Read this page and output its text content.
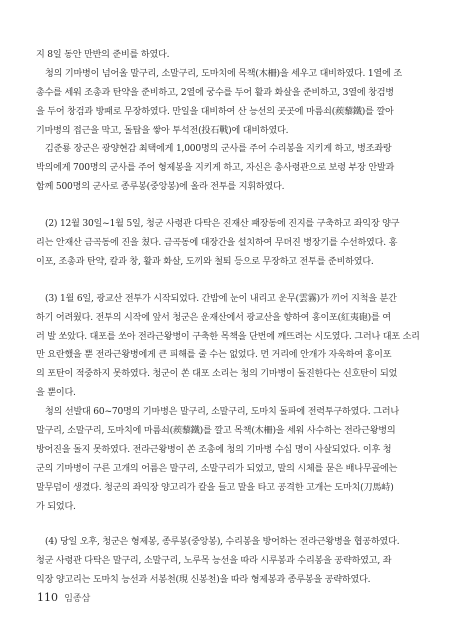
지 8일 동안 만반의 준비를 하였다.
청의 기마병이 넘어올 말구리, 소말구리, 도마치에 목책(木柵)을 세우고 대비하였다. 1열에 조
총수를 세워 조총과 탄약을 준비하고, 2열에 궁수를 두어 활과 화살을 준비하고, 3열에 창검병
을 두어 창검과 방패로 무장하였다. 만일을 대비하여 산 능선의 곳곳에 마름쇠(蒺藜鐵)를 깔아
기마병의 접근을 막고, 돌탑을 쌓아 투석전(投石戰)에 대비하였다.
김준룡 장군은 광양현감 최택에게 1,000명의 군사를 주어 수리봉을 지키게 하고, 병조좌랑
박의에게 700명의 군사를 주어 형제봉을 지키게 하고, 자신은 총사령관으로 보령 부장 안발과
함께 500명의 군사로 종루봉(중앙봉)에 올라 전투를 지휘하였다.
(2) 12월 30일~1월 5일, 청군 사령관 다탁은 진재산 패장동에 진지를 구축하고 좌익장 양구
리는 안재산 금곡동에 진을 쳤다. 금곡동에 대장간을 설치하여 무뎌진 병장기를 수선하였다. 홍
이포, 조총과 탄약, 칼과 창, 활과 화살, 도끼와 철퇴 등으로 무장하고 전투를 준비하였다.
(3) 1월 6일, 광교산 전투가 시작되었다. 간밤에 눈이 내리고 운무(雲霧)가 끼어 지척을 분간
하기 어려웠다. 전투의 시작에 앞서 청군은 운재산에서 광교산을 향하여 홍이포(紅夷砲)를 여
러 발 쏘았다. 대포를 쏘아 전라근왕병이 구축한 목책을 단번에 깨뜨려는 시도였다. 그러나 대포 소리
만 요란했을 뿐 전라근왕병에게 큰 피해를 줄 수는 없었다. 먼 거리에 안개가 자욱하여 홍이포
의 포탄이 적중하지 못하였다. 청군이 쏜 대포 소리는 청의 기마병이 돌진한다는 신호탄이 되었
을 뿐이다.
청의 선발대 60~70명의 기마병은 말구리, 소말구리, 도마치 돌파에 전력투구하였다. 그러나
말구리, 소말구리, 도마치에 마름쇠(蒺藜鐵)를 깔고 목책(木柵)을 세워 사수하는 전라근왕병의
방어진을 돌지 못하였다. 전라근왕병이 쏜 조총에 청의 기마병 수십 명이 사살되었다. 이후 청
군의 기마병이 구른 고개의 어름은 말구리, 소말구리가 되었고, 말의 시체를 묻은 배나무골에는
말무덤이 생겼다. 청군의 좌익장 양고리가 칼을 들고 말을 타고 공격한 고개는 도마치(刀馬峙)
가 되었다.
(4) 당일 오후, 청군은 형제봉, 종루봉(중앙봉), 수리봉을 방어하는 전라근왕병을 협공하였다.
청군 사령관 다탁은 말구리, 소말구리, 노루목 능선을 따라 시루봉과 수리봉을 공략하였고, 좌
익장 양고리는 도마치 능선과 서봉천(現 신봉천)을 따라 형제봉과 종루봉을 공략하였다.
110 임종삼
